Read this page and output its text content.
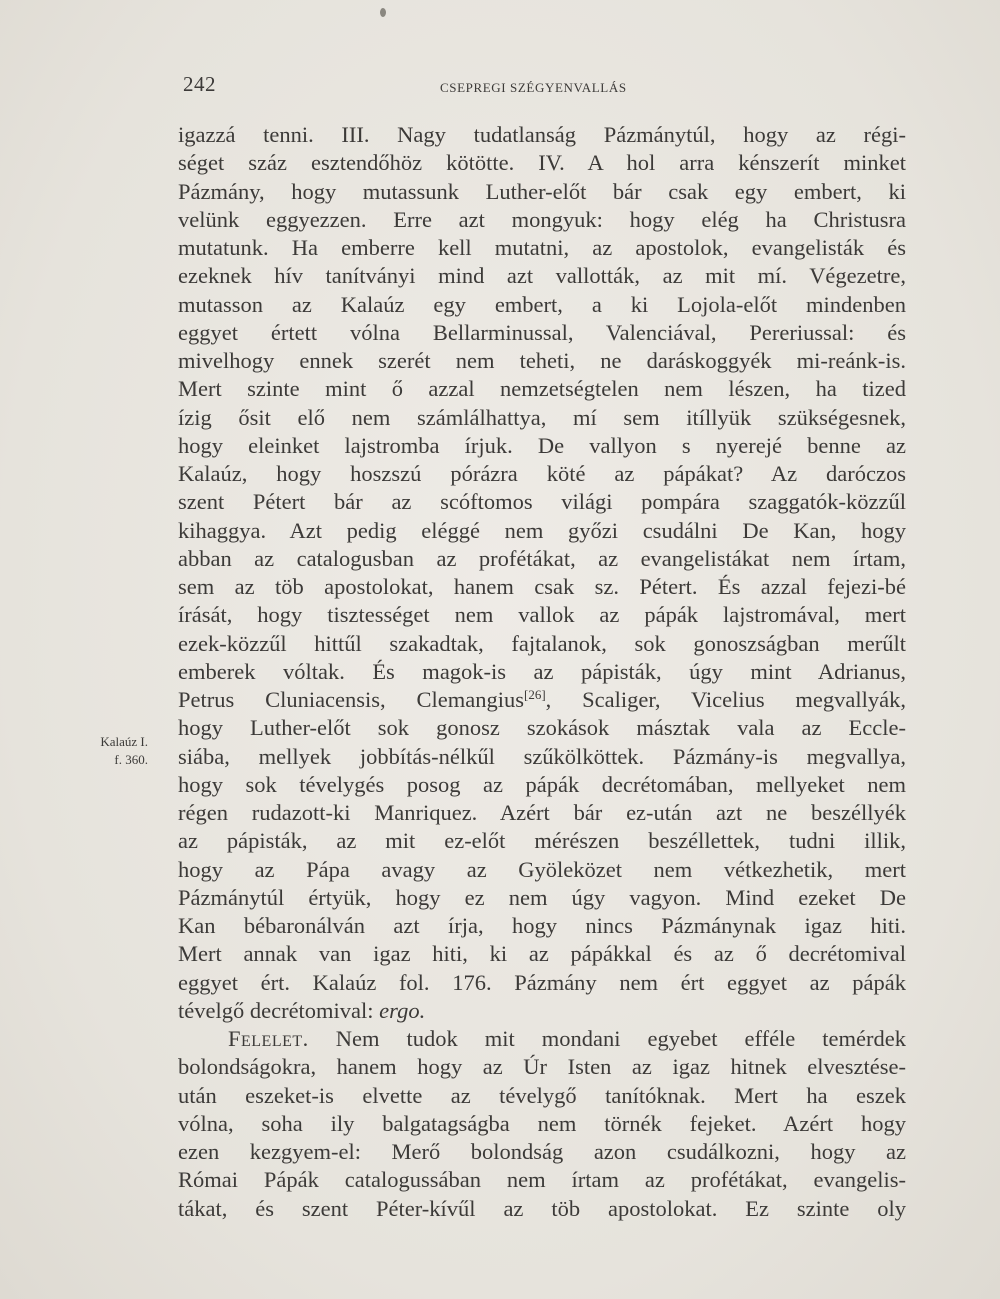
242	CSEPREGI SZÉGYENVALLÁS
Kalaúz I.
f. 360.
igazzá tenni. III. Nagy tudatlanság Pázmánytúl, hogy az régi-
séget száz esztendőhöz kötötte. IV. A hol arra kénszerít minket
Pázmány, hogy mutassunk Luther-előt bár csak egy embert, ki
velünk eggyezzen. Erre azt mongyuk: hogy elég ha Christusra
mutatunk. Ha emberre kell mutatni, az apostolok, evangelisták és
ezeknek hív tanítványi mind azt vallották, az mit mí. Végezetre,
mutasson az Kalaúz egy embert, a ki Lojola-előt mindenben
eggyet értett vólna Bellarminussal, Valenciával, Pereriussal: és
mivelhogy ennek szerét nem teheti, ne daráskoggyék mi-reánk-is.
Mert szinte mint ő azzal nemzetségtelen nem lészen, ha tized
ízig ősit elő nem számlálhattya, mí sem itíllyük szükségesnek,
hogy eleinket lajstromba írjuk. De vallyon s nyerejé benne az
Kalaúz, hogy hoszszú pórázra köté az pápákat? Az daróczos
szent Pétert bár az scóftomos világi pompára szaggatók-közzűl
kihaggya. Azt pedig eléggé nem győzi csudálni De Kan, hogy
abban az catalogusban az profétákat, az evangelistákat nem írtam,
sem az töb apostolokat, hanem csak sz. Pétert. És azzal fejezi-bé
írását, hogy tisztességet nem vallok az pápák lajstromával, mert
ezek-közzűl hittűl szakadtak, fajtalanok, sok gonoszságban merűlt
emberek vóltak. És magok-is az pápisták, úgy mint Adrianus,
Petrus Cluniacensis, Clemangius[26], Scaliger, Vicelius megvallyák,
hogy Luther-előt sok gonosz szokások másztak vala az Eccle-
siába, mellyek jobbítás-nélkűl szűkölköttek. Pázmány-is megvallya,
hogy sok tévelygés posog az pápák decrétomában, mellyeket nem
régen rudazott-ki Manriquez. Azért bár ez-után azt ne beszéllyék
az pápisták, az mit ez-előt mérészen beszéllettek, tudni illik,
hogy az Pápa avagy az Gyöleközet nem vétkezhetik, mert
Pázmánytúl értyük, hogy ez nem úgy vagyon. Mind ezeket De
Kan bébaronálván azt írja, hogy nincs Pázmánynak igaz hiti.
Mert annak van igaz hiti, ki az pápákkal és az ő decrétomival
eggyet ért. Kalaúz fol. 176. Pázmány nem ért eggyet az pápák
tévelgő decrétomival: ergo.
Felelet. Nem tudok mit mondani egyebet efféle temérdek
bolondságokra, hanem hogy az Úr Isten az igaz hitnek elvesztése-
után eszeket-is elvette az tévelygő tanítóknak. Mert ha eszek
vólna, soha ily balgatagságba nem törnék fejeket. Azért hogy
ezen kezgyem-el: Merő bolondság azon csudálkozni, hogy az
Római Pápák catalogussában nem írtam az profétákat, evangelis-
tákat, és szent Péter-kívűl az töb apostolokat. Ez szinte oly
